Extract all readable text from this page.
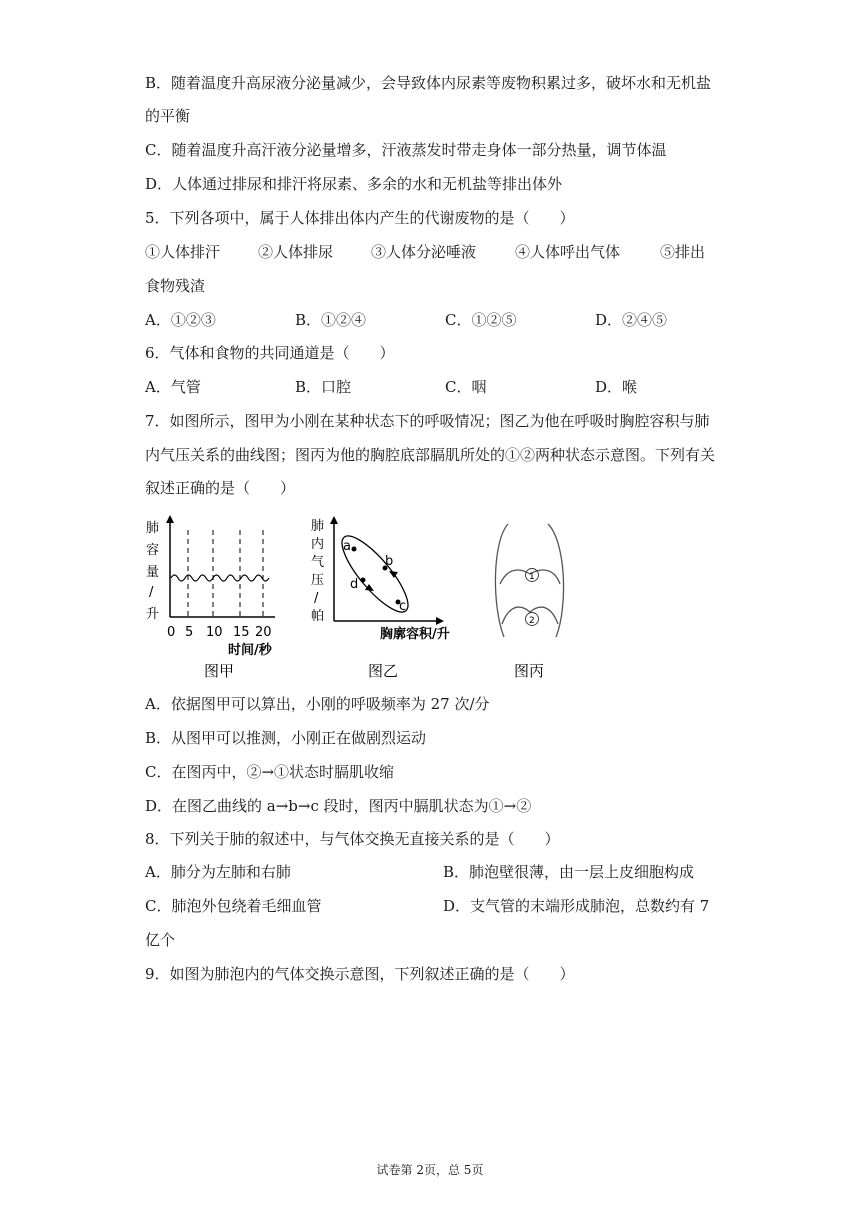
B．随着温度升高尿液分泌量减少，会导致体内尿素等废物积累过多，破坏水和无机盐
的平衡
C．随着温度升高汗液分泌量增多，汗液蒸发时带走身体一部分热量，调节体温
D．人体通过排尿和排汗将尿素、多余的水和无机盐等排出体外
5．下列各项中，属于人体排出体内产生的代谢废物的是（　　）
①人体排汗	②人体排尿	③人体分泌唾液	④人体呼出气体	⑤排出
食物残渣
A．①②③	B．①②④	C．①②⑤	D．②④⑤
6．气体和食物的共同通道是（　　）
A．气管	B．口腔	C．咽	D．喉
7．如图所示，图甲为小刚在某种状态下的呼吸情况；图乙为他在呼吸时胸腔容积与肺
内气压关系的曲线图；图丙为他的胸腔底部膈肌所处的①②两种状态示意图。下列有关
叙述正确的是（　　）
肺
容
量
/
升
0 5 10 15 20
时间/秒
图甲
肺
内
气
压
/
帕
a
b
c
d
胸廓容积/升
图乙
1
2
图丙
A．依据图甲可以算出，小刚的呼吸频率为 27 次/分
B．从图甲可以推测，小刚正在做剧烈运动
C．在图丙中，②→①状态时膈肌收缩
D．在图乙曲线的 a→b→c 段时，图丙中膈肌状态为①→②
8．下列关于肺的叙述中，与气体交换无直接关系的是（　　）
A．肺分为左肺和右肺	B．肺泡壁很薄，由一层上皮细胞构成
C．肺泡外包绕着毛细血管	D．支气管的末端形成肺泡，总数约有 7
亿个
9．如图为肺泡内的气体交换示意图，下列叙述正确的是（　　）
试卷第 2页，总 5页
